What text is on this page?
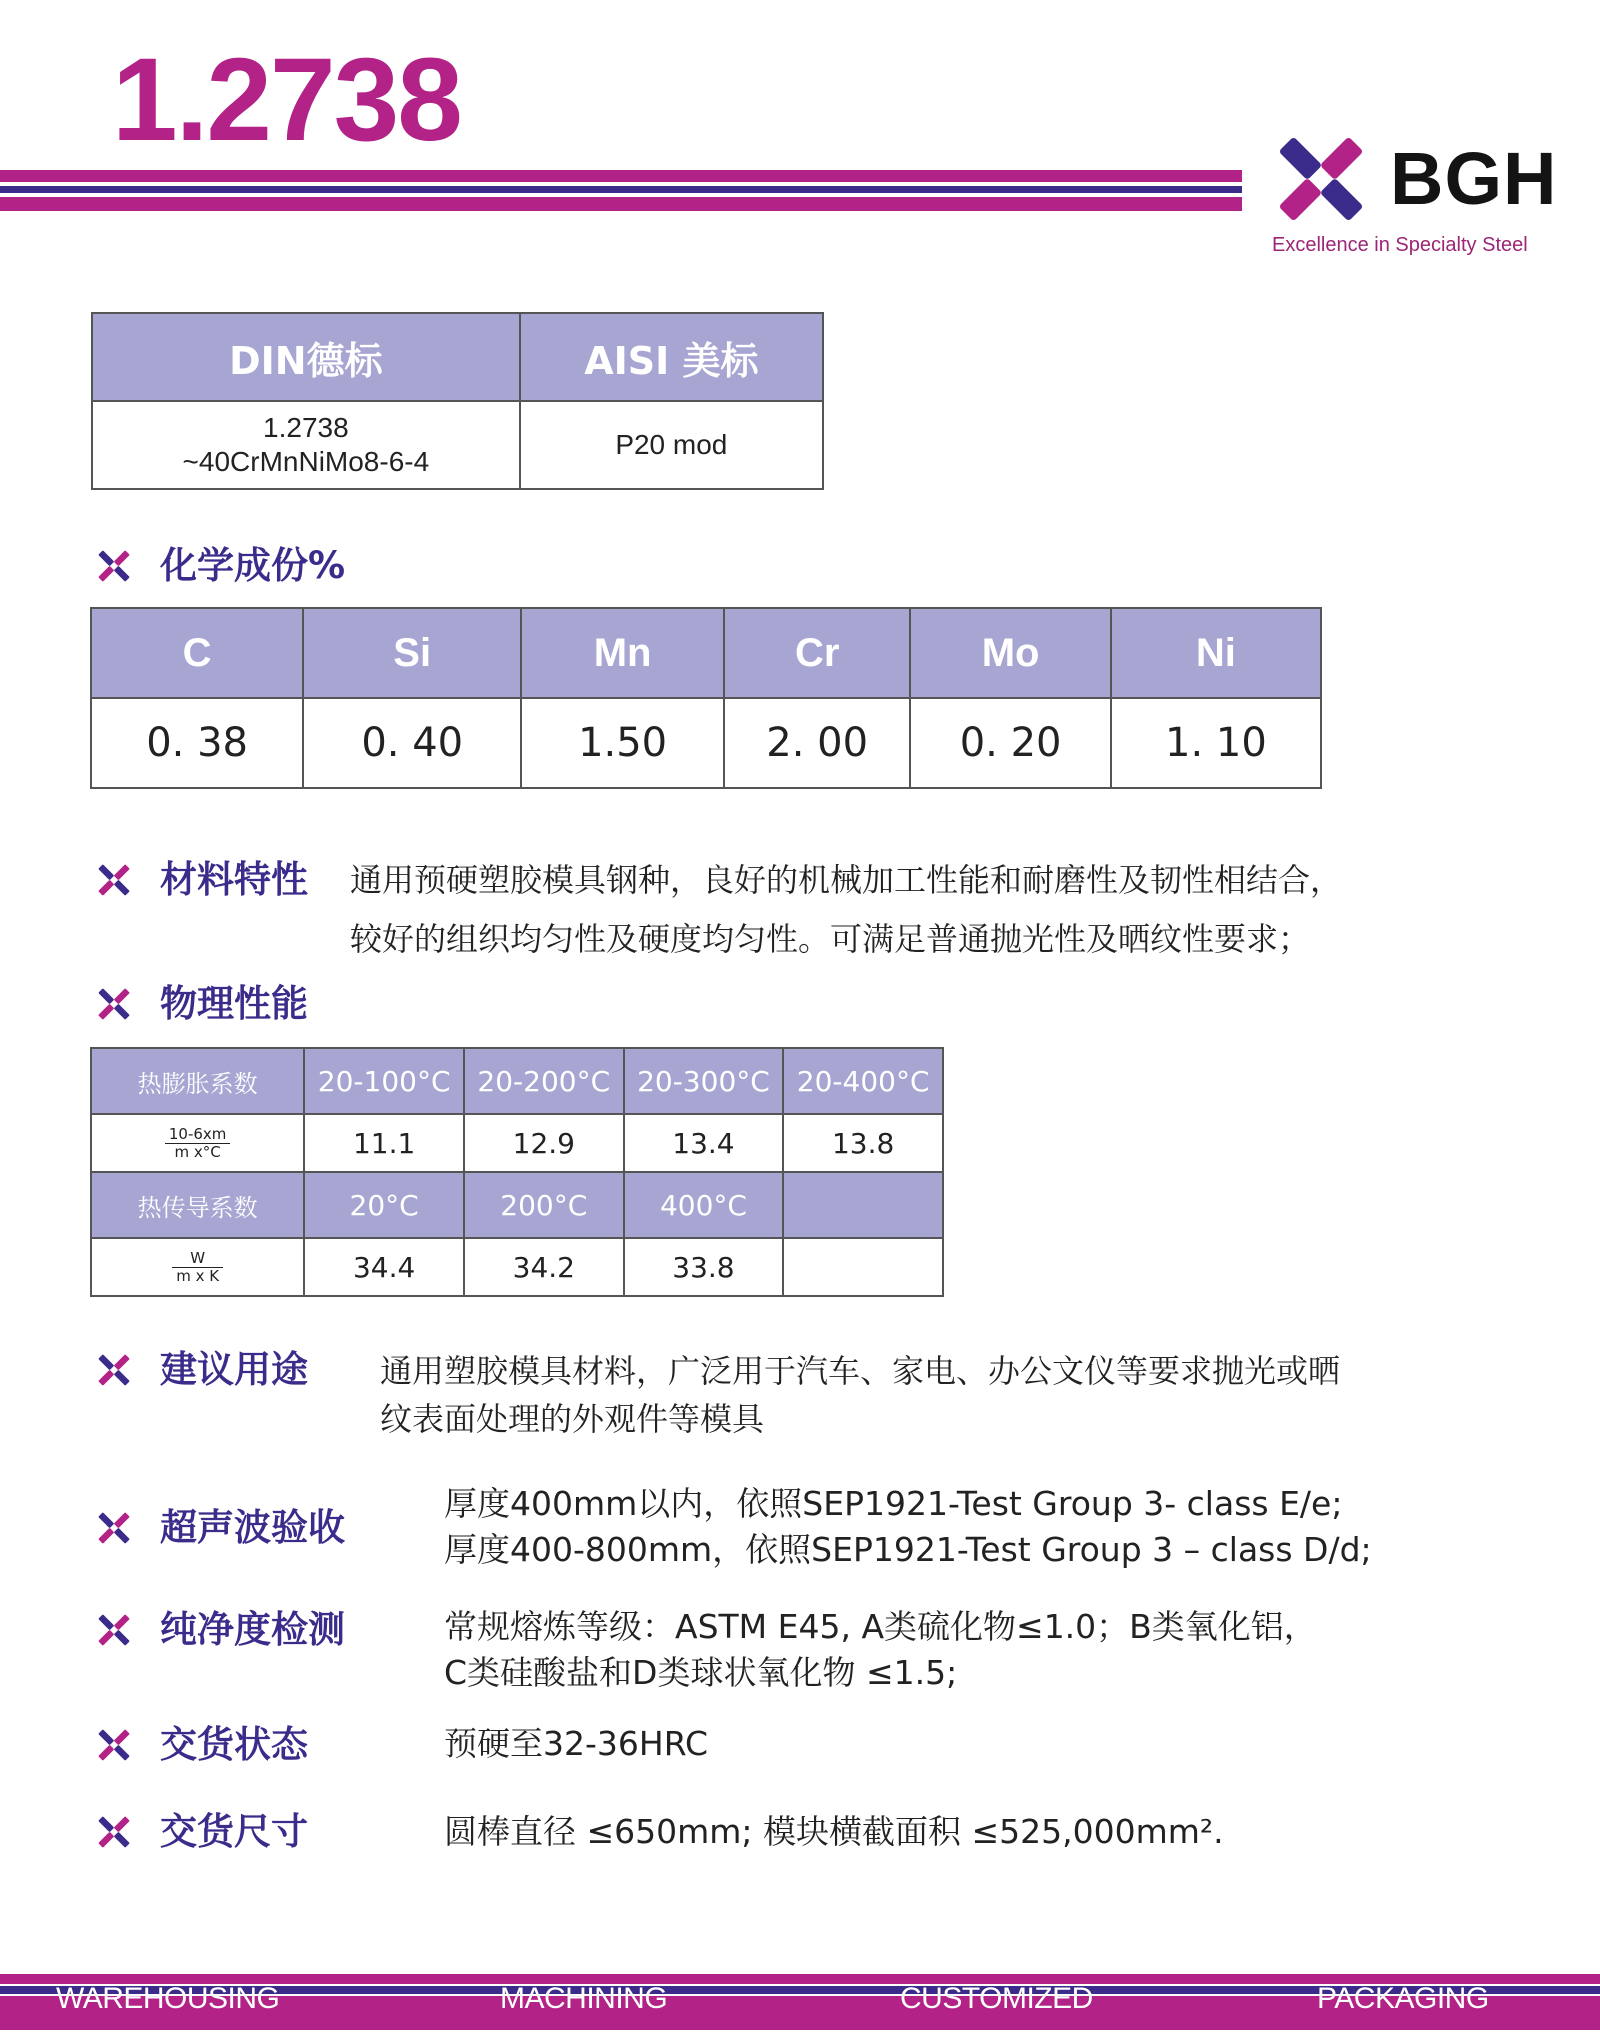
1.2738
BGH
Excellence in Specialty Steel
DIN德标	AISI 美标

1.2738
~40CrMnNiMo8-6-4	P20 mod
化学成份%
C	Si	Mn	Cr	Mo	Ni
0. 38	0. 40	1.50	2. 00	0. 20	1. 10
材料特性 通用预硬塑胶模具钢种，良好的机械加工性能和耐磨性及韧性相结合，
较好的组织均匀性及硬度均匀性。可满足普通抛光性及晒纹性要求；
物理性能
热膨胀系数	20-100°C	20-200°C	20-300°C	20-400°C

$\frac{10-6xm}{\text{m x°C}}$	11.1	12.9	13.4	13.8
热传导系数	20°C	200°C	400°C	

$\frac{W}{\text{m x K}}$	34.4	34.2	33.8	
建议用途 通用塑胶模具材料，广泛用于汽车、家电、办公文仪等要求抛光或晒
纹表面处理的外观件等模具
超声波验收
厚度400mm以内，依照SEP1921-Test Group 3- class E/e;
厚度400-800mm，依照SEP1921-Test Group 3 – class D/d;
纯净度检测	常规熔炼等级：ASTM E45, A类硫化物≤1.0；B类氧化铝，
C类硅酸盐和D类球状氧化物 ≤1.5;
交货状态	预硬至32-36HRC
交货尺寸	圆棒直径 ≤650mm; 模块横截面积 ≤525,000mm².
WAREHOUSING	MACHINING	CUSTOMIZED	PACKAGING
